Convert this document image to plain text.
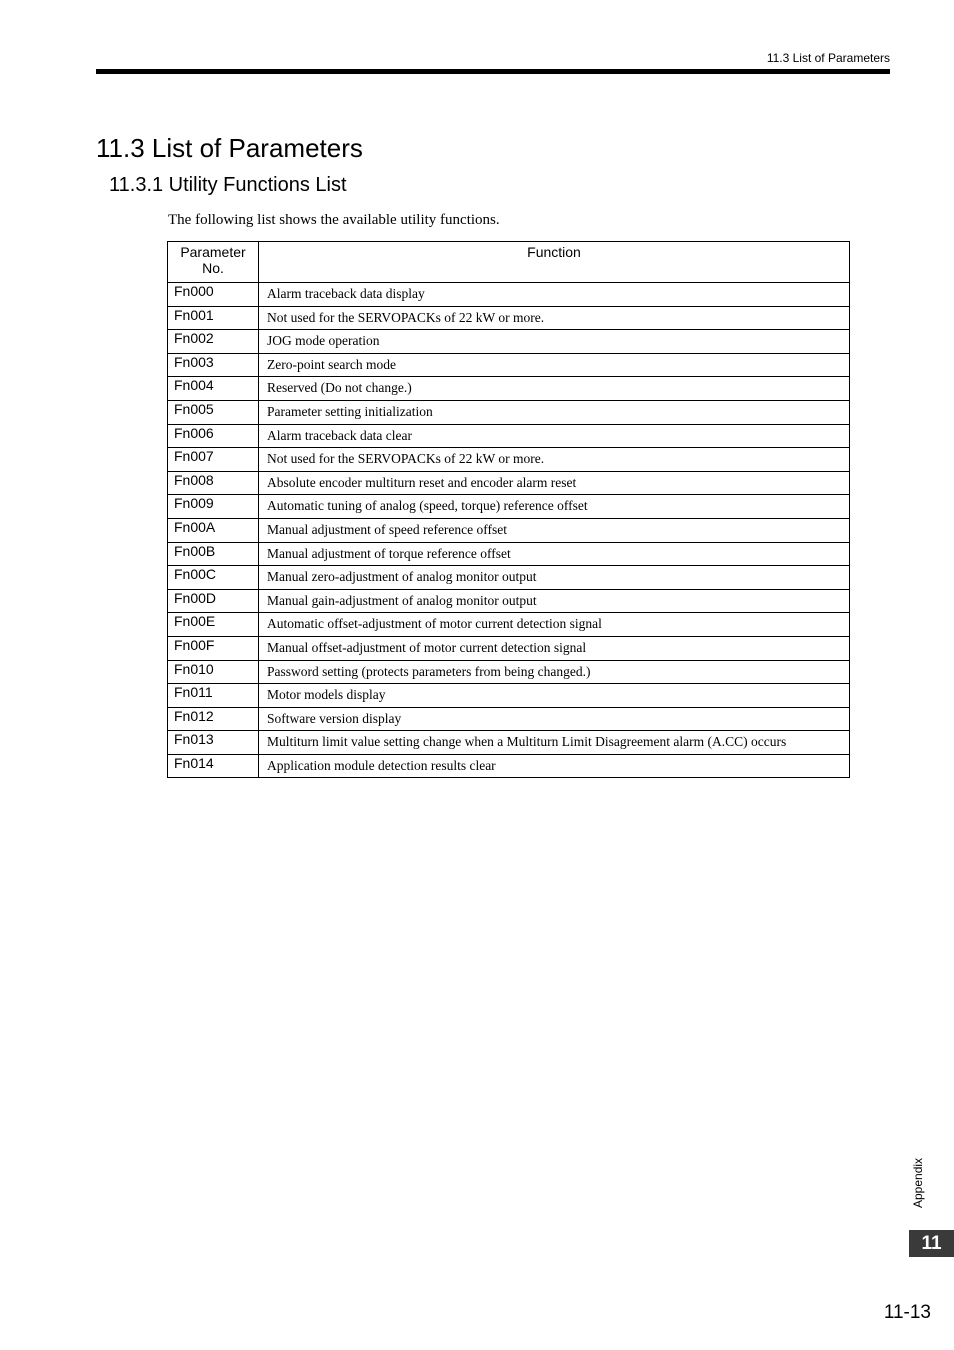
11.3 List of Parameters
11.3 List of Parameters
11.3.1 Utility Functions List
The following list shows the available utility functions.
Parameter No.	Function
Fn000	Alarm traceback data display
Fn001	Not used for the SERVOPACKs of 22 kW or more.
Fn002	JOG mode operation
Fn003	Zero-point search mode
Fn004	Reserved (Do not change.)
Fn005	Parameter setting initialization
Fn006	Alarm traceback data clear
Fn007	Not used for the SERVOPACKs of 22 kW or more.
Fn008	Absolute encoder multiturn reset and encoder alarm reset
Fn009	Automatic tuning of analog (speed, torque) reference offset
Fn00A	Manual adjustment of speed reference offset
Fn00B	Manual adjustment of torque reference offset
Fn00C	Manual zero-adjustment of analog monitor output
Fn00D	Manual gain-adjustment of analog monitor output
Fn00E	Automatic offset-adjustment of motor current detection signal
Fn00F	Manual offset-adjustment of motor current detection signal
Fn010	Password setting (protects parameters from being changed.)
Fn011	Motor models display
Fn012	Software version display
Fn013	Multiturn limit value setting change when a Multiturn Limit Disagreement alarm (A.CC) occurs
Fn014	Application module detection results clear
Appendix
11
11-13
